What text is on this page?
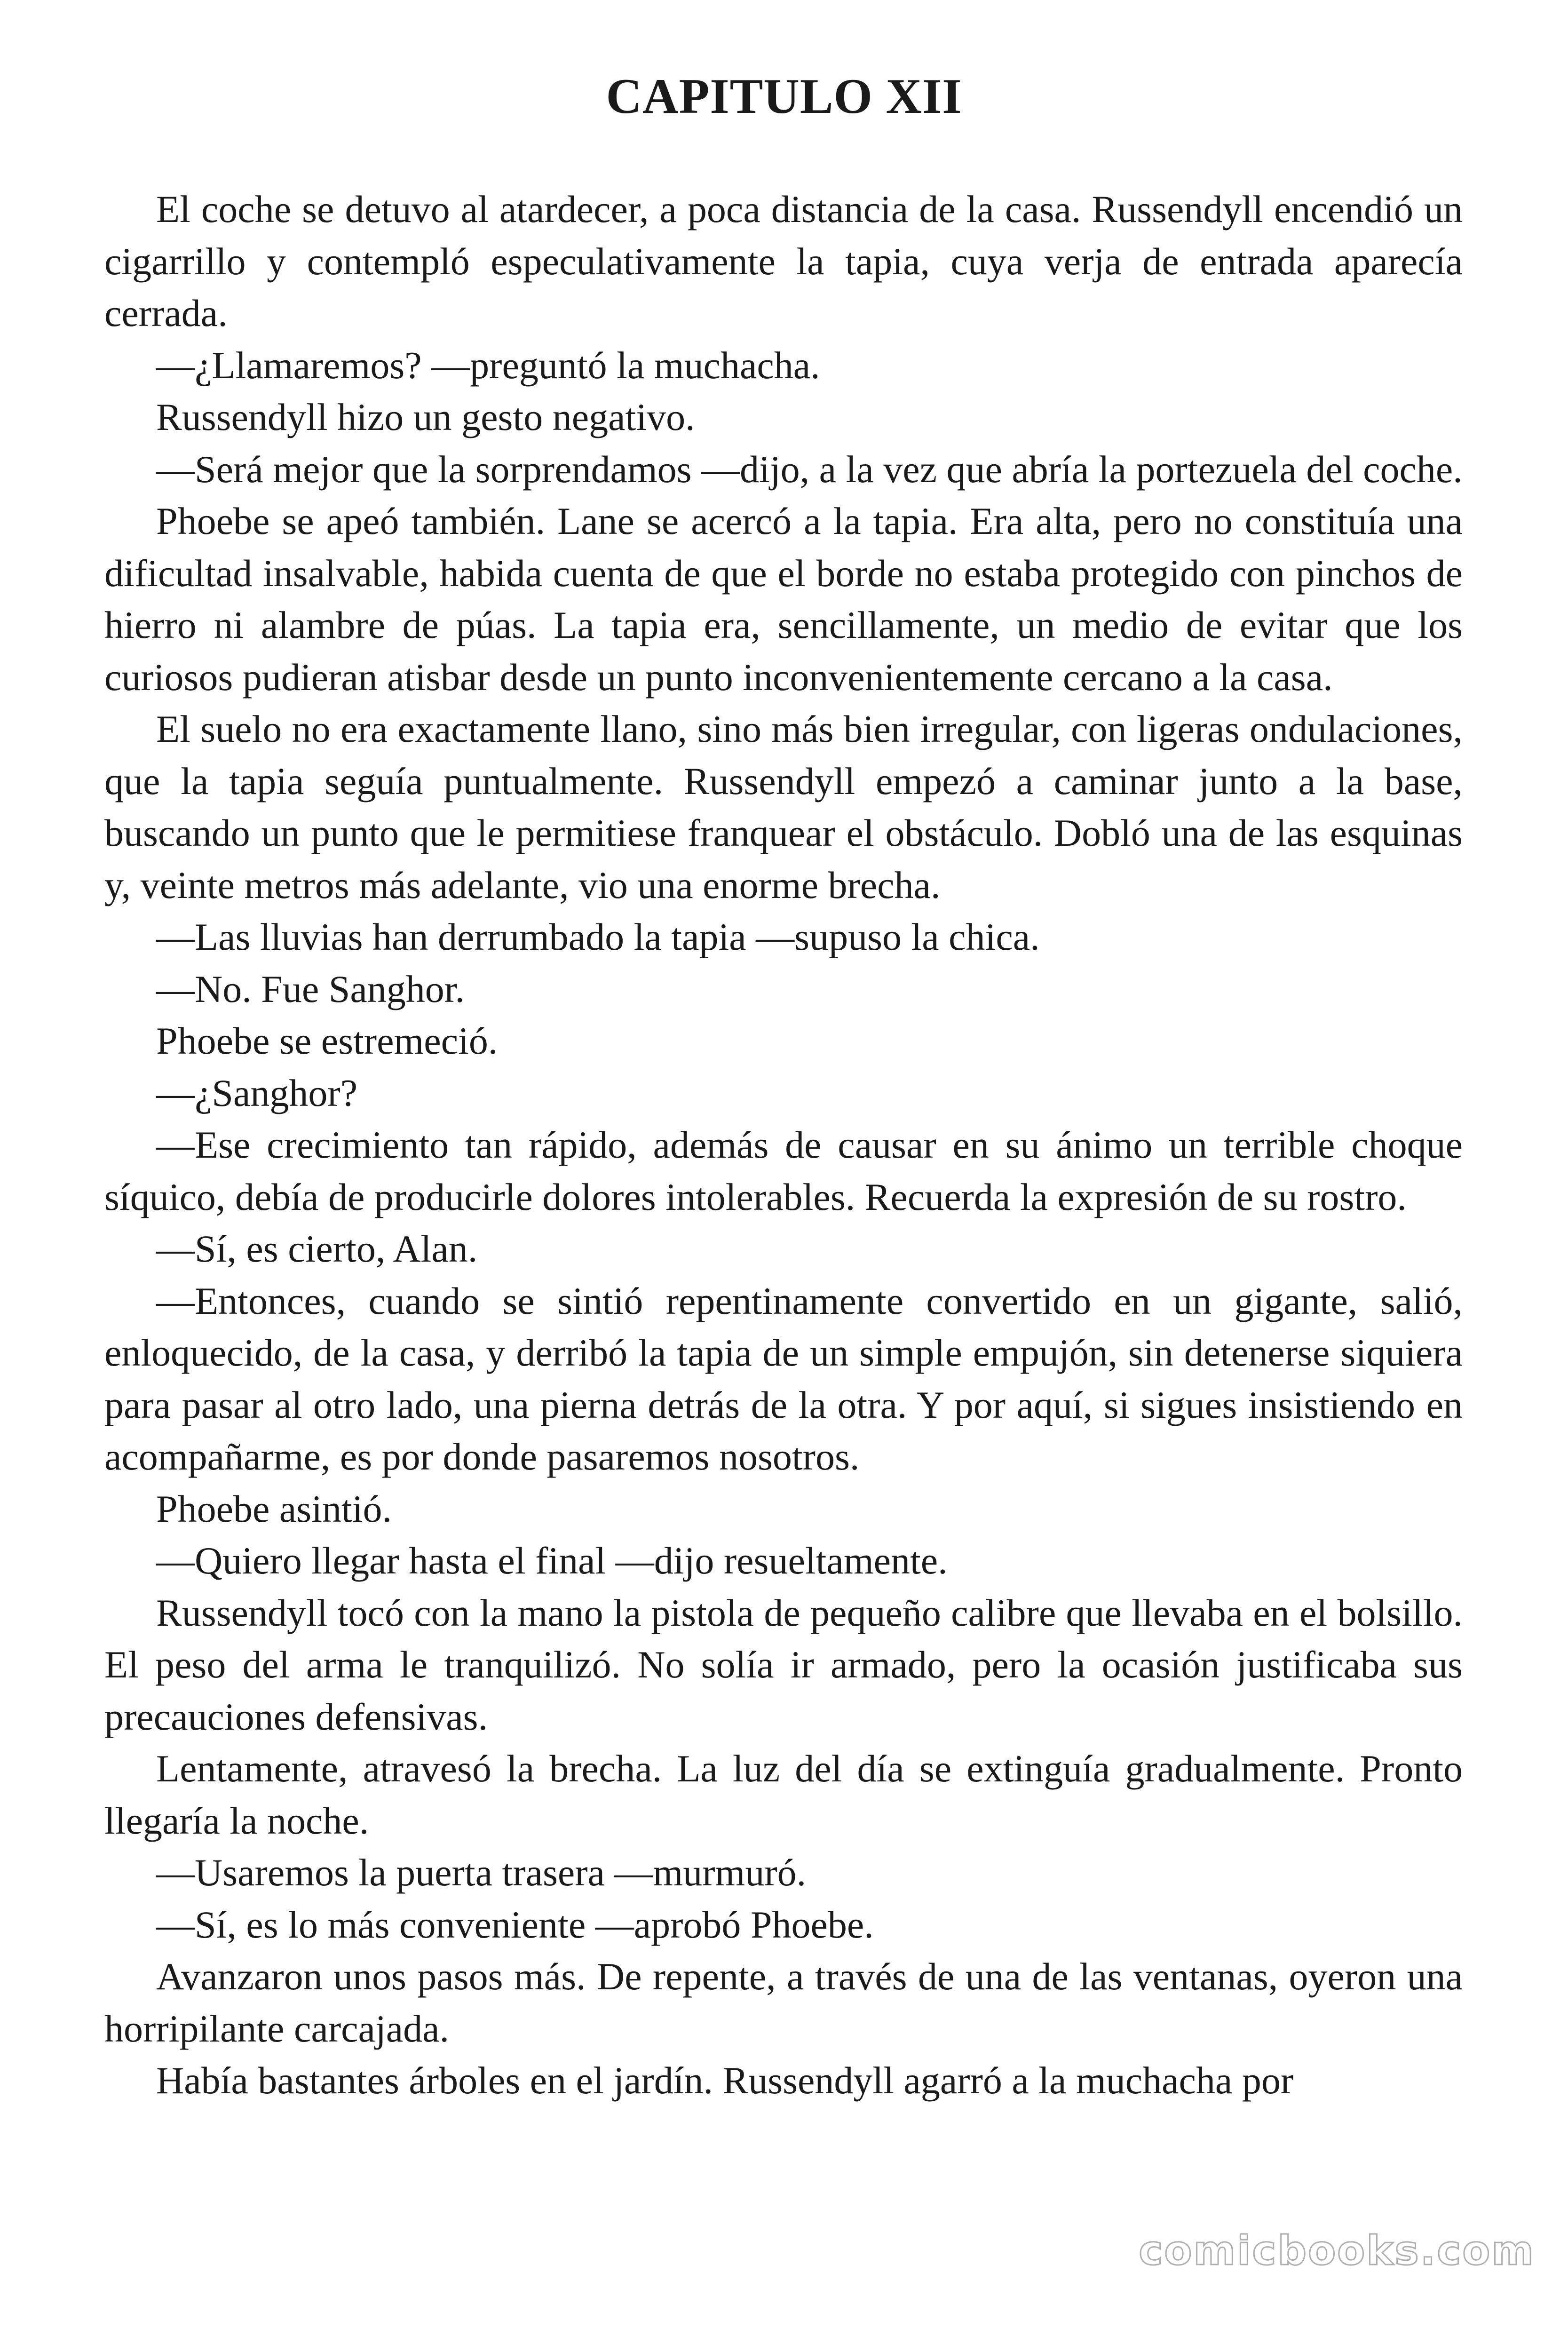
CAPITULO XII

El coche se detuvo al atardecer, a poca distancia de la casa. Russendyll encendió un cigarrillo y contempló especulativamente la tapia, cuya verja de entrada aparecía cerrada.

—¿Llamaremos? —preguntó la muchacha.

Russendyll hizo un gesto negativo.

—Será mejor que la sorprendamos —dijo, a la vez que abría la portezuela del coche.

Phoebe se apeó también. Lane se acercó a la tapia. Era alta, pero no constituía una dificultad insalvable, habida cuenta de que el borde no estaba protegido con pinchos de hierro ni alambre de púas. La tapia era, sencillamente, un medio de evitar que los curiosos pudieran atisbar desde un punto inconvenientemente cercano a la casa.

El suelo no era exactamente llano, sino más bien irregular, con ligeras ondulaciones, que la tapia seguía puntualmente. Russendyll empezó a caminar junto a la base, buscando un punto que le permitiese franquear el obstáculo. Dobló una de las esquinas y, veinte metros más adelante, vio una enorme brecha.

—Las lluvias han derrumbado la tapia —supuso la chica.

—No. Fue Sanghor.

Phoebe se estremeció.

—¿Sanghor?

—Ese crecimiento tan rápido, además de causar en su ánimo un terrible choque síquico, debía de producirle dolores intolerables. Recuerda la expresión de su rostro.

—Sí, es cierto, Alan.

—Entonces, cuando se sintió repentinamente convertido en un gigante, salió, enloquecido, de la casa, y derribó la tapia de un simple empujón, sin detenerse siquiera para pasar al otro lado, una pierna detrás de la otra. Y por aquí, si sigues insistiendo en acompañarme, es por donde pasaremos nosotros.

Phoebe asintió.

—Quiero llegar hasta el final —dijo resueltamente.

Russendyll tocó con la mano la pistola de pequeño calibre que llevaba en el bolsillo. El peso del arma le tranquilizó. No solía ir armado, pero la ocasión justificaba sus precauciones defensivas.

Lentamente, atravesó la brecha. La luz del día se extinguía gradualmente. Pronto llegaría la noche.

—Usaremos la puerta trasera —murmuró.

—Sí, es lo más conveniente —aprobó Phoebe.

Avanzaron unos pasos más. De repente, a través de una de las ventanas, oyeron una horripilante carcajada.

Había bastantes árboles en el jardín. Russendyll agarró a la muchacha por

comicbooks.com
